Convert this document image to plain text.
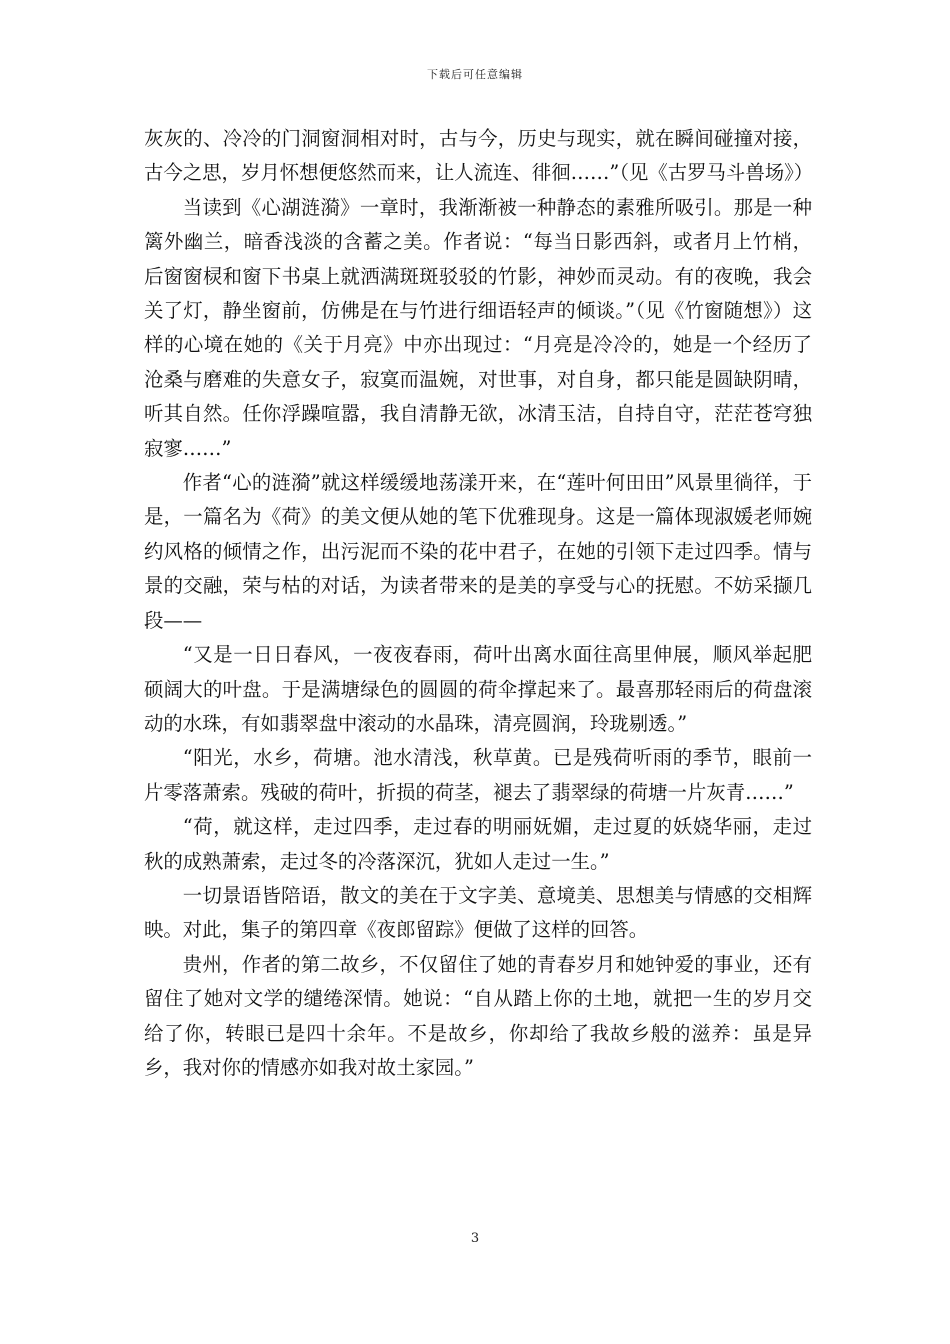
下载后可任意编辑

灰灰的、冷冷的门洞窗洞相对时，古与今，历史与现实，就在瞬间碰撞对接，古今之思，岁月怀想便悠然而来，让人流连、徘徊……”（见《古罗马斗兽场》）

当读到《心湖涟漪》一章时，我渐渐被一种静态的素雅所吸引。那是一种篱外幽兰，暗香浅淡的含蓄之美。作者说：“每当日影西斜，或者月上竹梢，后窗窗棂和窗下书桌上就洒满斑斑驳驳的竹影，神妙而灵动。有的夜晚，我会关了灯，静坐窗前，仿佛是在与竹进行细语轻声的倾谈。”（见《竹窗随想》）这样的心境在她的《关于月亮》中亦出现过：“月亮是冷冷的，她是一个经历了沧桑与磨难的失意女子，寂寞而温婉，对世事，对自身，都只能是圆缺阴晴，听其自然。任你浮躁喧嚣，我自清静无欲，冰清玉洁，自持自守，茫茫苍穹独寂寥……”

作者“心的涟漪”就这样缓缓地荡漾开来，在“莲叶何田田”风景里徜徉，于是，一篇名为《荷》的美文便从她的笔下优雅现身。这是一篇体现淑媛老师婉约风格的倾情之作，出污泥而不染的花中君子，在她的引领下走过四季。情与景的交融，荣与枯的对话，为读者带来的是美的享受与心的抚慰。不妨采撷几段——

“又是一日日春风，一夜夜春雨，荷叶出离水面往高里伸展，顺风举起肥硕阔大的叶盘。于是满塘绿色的圆圆的荷伞撑起来了。最喜那轻雨后的荷盘滚动的水珠，有如翡翠盘中滚动的水晶珠，清亮圆润，玲珑剔透。”

“阳光，水乡，荷塘。池水清浅，秋草黄。已是残荷听雨的季节，眼前一片零落萧索。残破的荷叶，折损的荷茎，褪去了翡翠绿的荷塘一片灰青……”

“荷，就这样，走过四季，走过春的明丽妩媚，走过夏的妖娆华丽，走过秋的成熟萧索，走过冬的冷落深沉，犹如人走过一生。”

一切景语皆陪语，散文的美在于文字美、意境美、思想美与情感的交相辉映。对此，集子的第四章《夜郎留踪》便做了这样的回答。

贵州，作者的第二故乡，不仅留住了她的青春岁月和她钟爱的事业，还有留住了她对文学的缱绻深情。她说：“自从踏上你的土地，就把一生的岁月交给了你，转眼已是四十余年。不是故乡，你却给了我故乡般的滋养：虽是异乡，我对你的情感亦如我对故土家园。”

3
